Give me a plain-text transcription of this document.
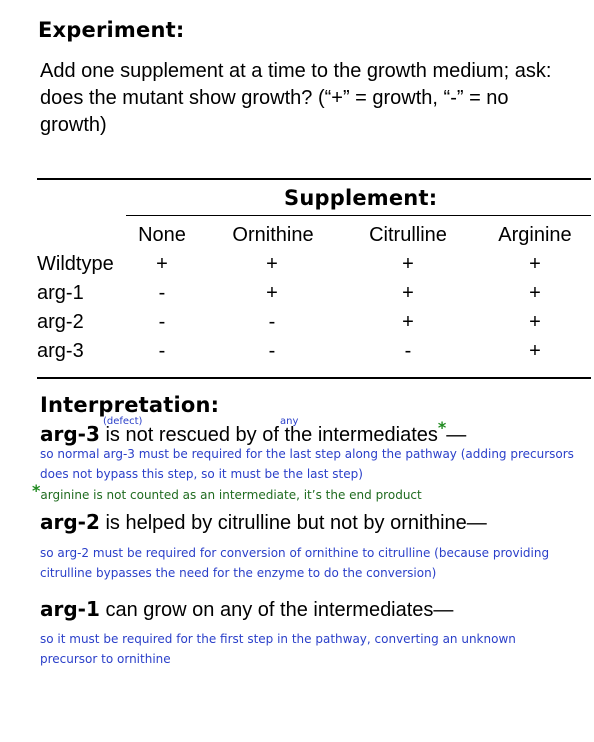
Experiment:
Add one supplement at a time to the growth medium; ask: does the mutant show growth? (“+” = growth, “-” = no growth)
Supplement:
None	Ornithine	Citrulline	Arginine
Wildtype	+	+	+	+
arg-1	-	+	+	+
arg-2	-	-	+	+
arg-3	-	-	-	+
Interpretation:
(defect)	any
arg-3 is not rescued by of the intermediates*—
so normal arg-3 must be required for the last step along the pathway (adding precursors does not bypass this step, so it must be the last step)
*arginine is not counted as an intermediate, it’s the end product
arg-2 is helped by citrulline but not by ornithine—
so arg-2 must be required for conversion of ornithine to citrulline (because providing citrulline bypasses the need for the enzyme to do the conversion)
arg-1 can grow on any of the intermediates—
so it must be required for the first step in the pathway, converting an unknown precursor to ornithine
